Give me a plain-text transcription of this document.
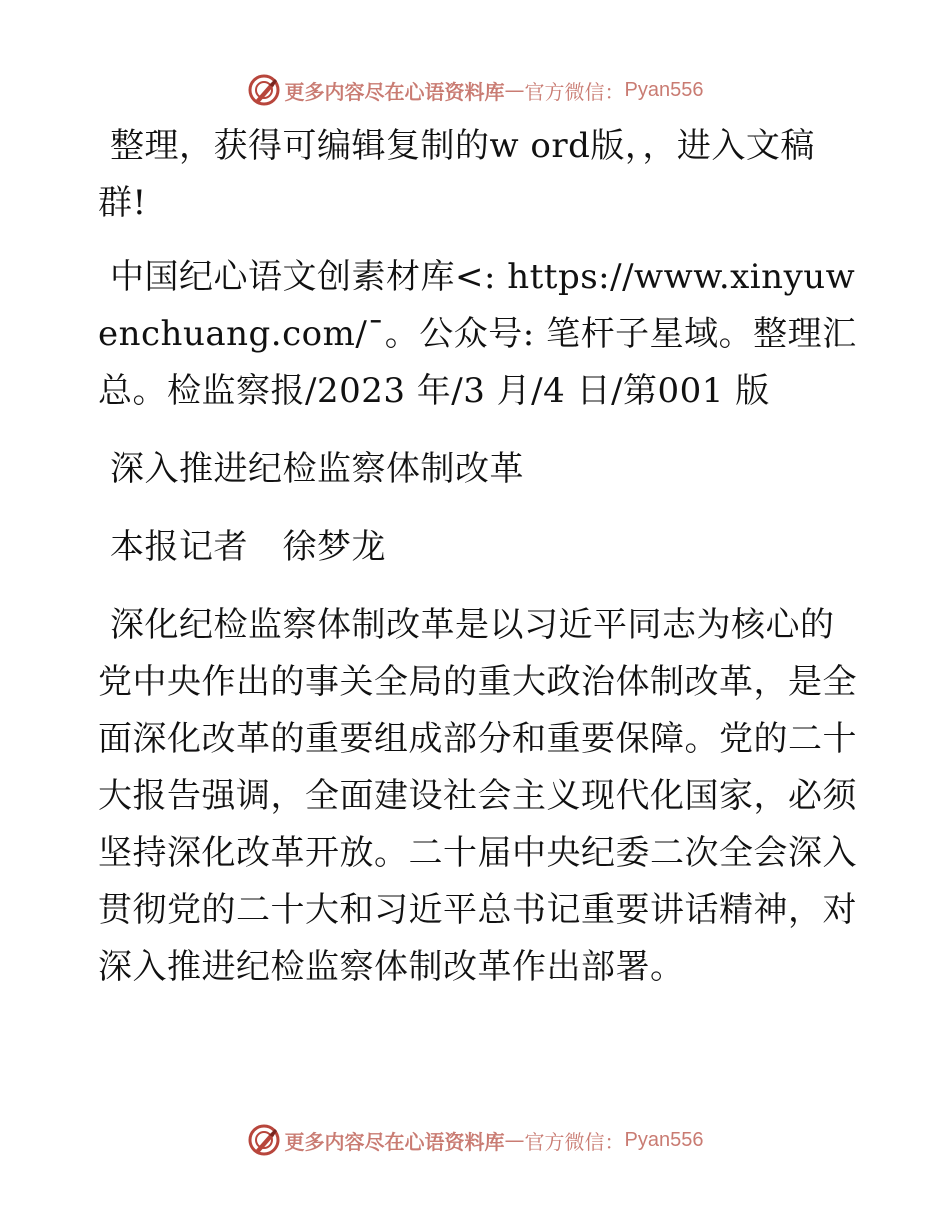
更多内容尽在心语资料库 — 官方微信： Pyan556

整理，获得可编辑复制的w ord版，，进入文稿群!

中国纪心语文创素材库<: https://www.xinyuwenchuang.com/¯。公众号: 笔杆子星域。整理汇总。检监察报/2023 年/3 月/4 日/第001 版

深入推进纪检监察体制改革

本报记者　徐梦龙

深化纪检监察体制改革是以习近平同志为核心的党中央作出的事关全局的重大政治体制改革，是全面深化改革的重要组成部分和重要保障。党的二十大报告强调，全面建设社会主义现代化国家，必须坚持深化改革开放。二十届中央纪委二次全会深入贯彻党的二十大和习近平总书记重要讲话精神，对深入推进纪检监察体制改革作出部署。

更多内容尽在心语资料库 — 官方微信： Pyan556
